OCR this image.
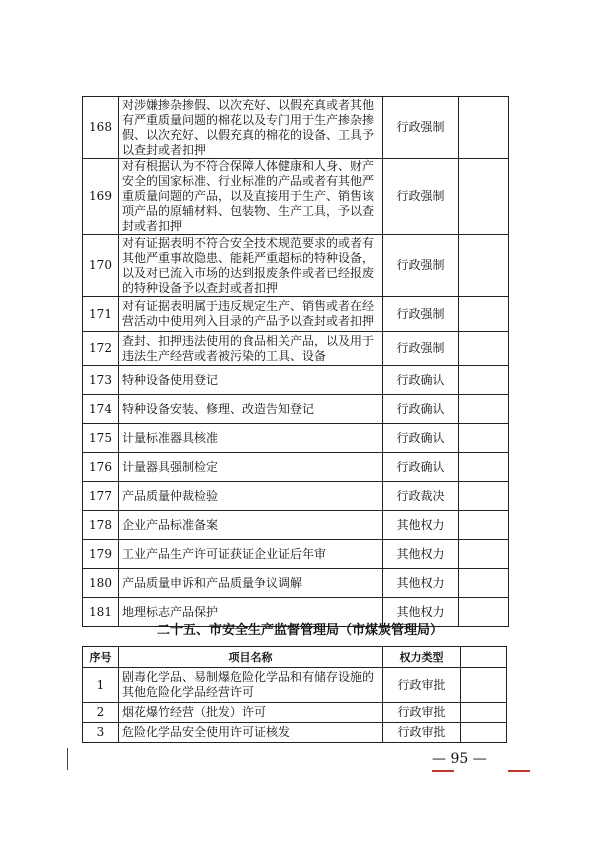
168	对涉嫌掺杂掺假、以次充好、以假充真或者其他有严重质量问题的棉花以及专门用于生产掺杂掺假、以次充好、以假充真的棉花的设备、工具予以查封或者扣押	行政强制	
169	对有根据认为不符合保障人体健康和人身、财产安全的国家标准、行业标准的产品或者有其他严重质量问题的产品，以及直接用于生产、销售该项产品的原辅材料、包装物、生产工具，予以查封或者扣押	行政强制	
170	对有证据表明不符合安全技术规范要求的或者有其他严重事故隐患、能耗严重超标的特种设备，以及对已流入市场的达到报废条件或者已经报废的特种设备予以查封或者扣押	行政强制	
171	对有证据表明属于违反规定生产、销售或者在经营活动中使用列入目录的产品予以查封或者扣押	行政强制	
172	查封、扣押违法使用的食品相关产品，以及用于违法生产经营或者被污染的工具、设备	行政强制	
173	特种设备使用登记	行政确认	
174	特种设备安装、修理、改造告知登记	行政确认	
175	计量标准器具核准	行政确认	
176	计量器具强制检定	行政确认	
177	产品质量仲裁检验	行政裁决	
178	企业产品标准备案	其他权力	
179	工业产品生产许可证获证企业证后年审	其他权力	
180	产品质量申诉和产品质量争议调解	其他权力	
181	地理标志产品保护	其他权力	
二十五、市安全生产监督管理局（市煤炭管理局）
序号	项目名称	权力类型	
1	剧毒化学品、易制爆危险化学品和有储存设施的其他危险化学品经营许可	行政审批	
2	烟花爆竹经营（批发）许可	行政审批	
3	危险化学品安全使用许可证核发	行政审批	
— 95 —
